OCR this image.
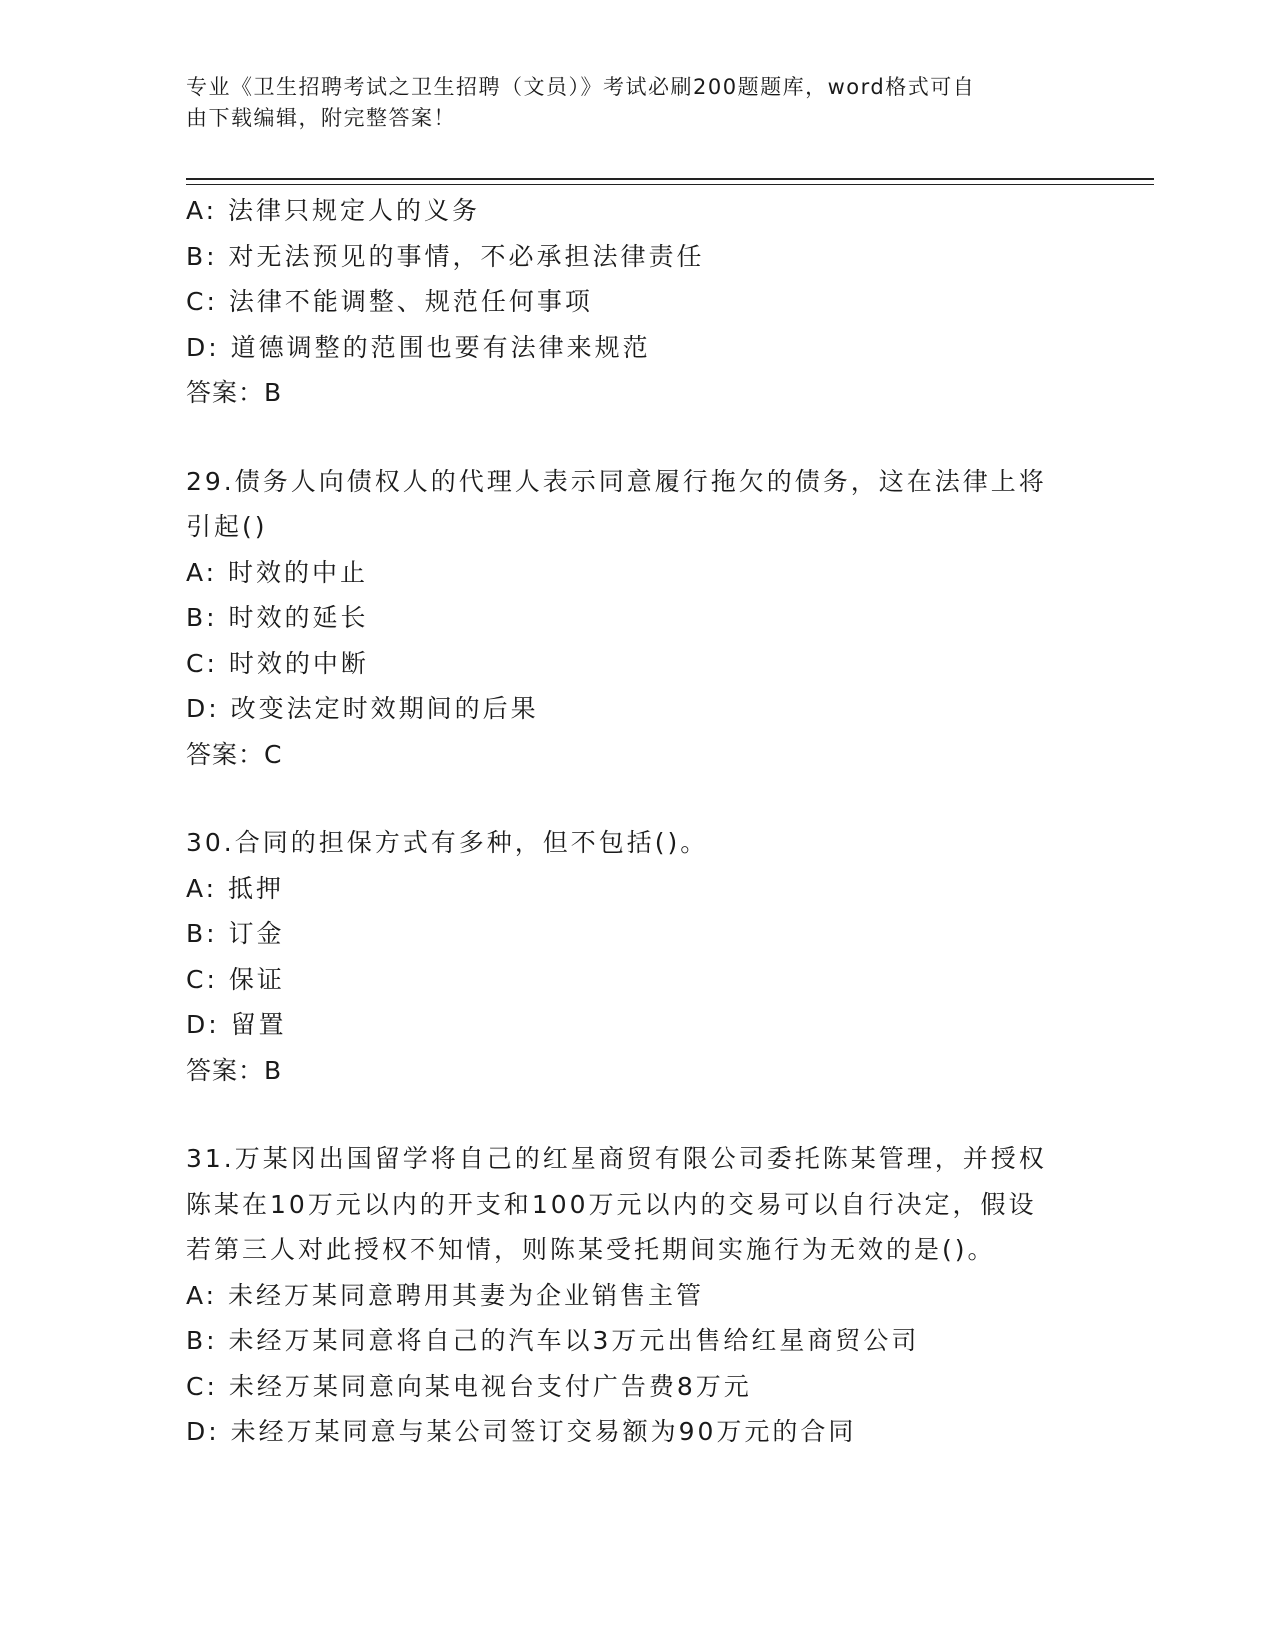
专业《卫生招聘考试之卫生招聘（文员）》考试必刷200题题库，word格式可自
由下载编辑，附完整答案！
A: 法律只规定人的义务
B: 对无法预见的事情，不必承担法律责任
C: 法律不能调整、规范任何事项
D: 道德调整的范围也要有法律来规范
答案：B
29.债务人向债权人的代理人表示同意履行拖欠的债务，这在法律上将
引起()
A: 时效的中止
B: 时效的延长
C: 时效的中断
D: 改变法定时效期间的后果
答案：C
30.合同的担保方式有多种，但不包括()。
A: 抵押
B: 订金
C: 保证
D: 留置
答案：B
31.万某冈出国留学将自己的红星商贸有限公司委托陈某管理，并授权
陈某在10万元以内的开支和100万元以内的交易可以自行决定，假设
若第三人对此授权不知情，则陈某受托期间实施行为无效的是()。
A: 未经万某同意聘用其妻为企业销售主管
B: 未经万某同意将自己的汽车以3万元出售给红星商贸公司
C: 未经万某同意向某电视台支付广告费8万元
D: 未经万某同意与某公司签订交易额为90万元的合同
